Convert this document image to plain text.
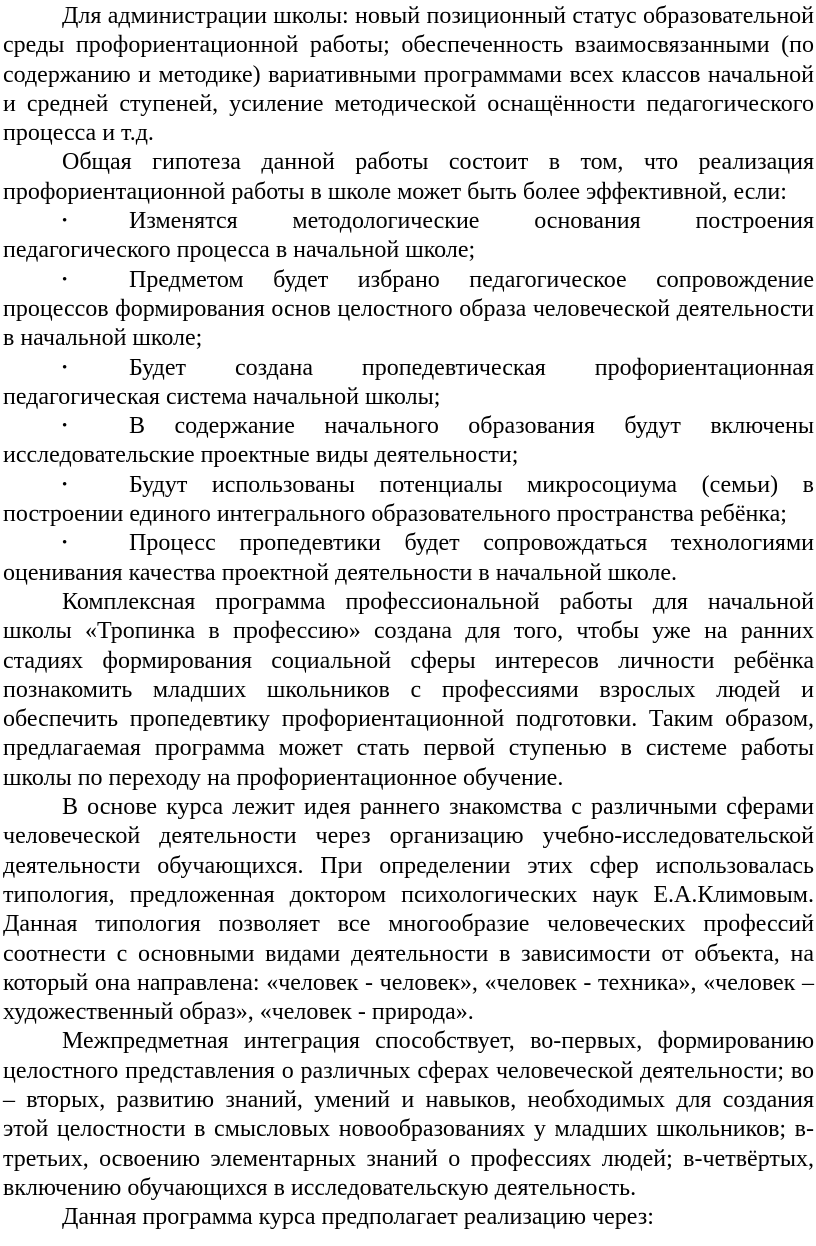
Для администрации школы: новый позиционный статус образовательной среды профориентационной работы; обеспеченность взаимосвязанными (по содержанию и методике) вариативными программами всех классов начальной и средней ступеней, усиление методической оснащённости педагогического процесса и т.д.

Общая гипотеза данной работы состоит в том, что реализация профориентационной работы в школе может быть более эффективной, если:

•	Изменятся методологические основания построения педагогического процесса в начальной школе;

•	Предметом будет избрано педагогическое сопровождение процессов формирования основ целостного образа человеческой деятельности в начальной школе;

•	Будет создана пропедевтическая профориентационная педагогическая система начальной школы;

•	В содержание начального образования будут включены исследовательские проектные виды деятельности;

•	Будут использованы потенциалы микросоциума (семьи) в построении единого интегрального образовательного пространства ребёнка;

•	Процесс пропедевтики будет сопровождаться технологиями оценивания качества проектной деятельности в начальной школе.

Комплексная программа профессиональной работы для начальной школы «Тропинка в профессию» создана для того, чтобы уже на ранних стадиях формирования социальной сферы интересов личности ребёнка познакомить младших школьников с профессиями взрослых людей и обеспечить пропедевтику профориентационной подготовки. Таким образом, предлагаемая программа может стать первой ступенью в системе работы школы по переходу на профориентационное обучение.

В основе курса лежит идея раннего знакомства с различными сферами человеческой деятельности через организацию учебно-исследовательской деятельности обучающихся. При определении этих сфер использовалась типология, предложенная доктором психологических наук Е.А.Климовым. Данная типология позволяет все многообразие человеческих профессий соотнести с основными видами деятельности в зависимости от объекта, на который она направлена: «человек - человек», «человек - техника», «человек – художественный образ», «человек - природа».

Межпредметная интеграция способствует, во-первых, формированию целостного представления о различных сферах человеческой деятельности; во – вторых, развитию знаний, умений и навыков, необходимых для создания этой целостности в смысловых новообразованиях у младших школьников; в-третьих, освоению элементарных знаний о профессиях людей; в-четвёртых, включению обучающихся в исследовательскую деятельность.

Данная программа курса предполагает реализацию через:
